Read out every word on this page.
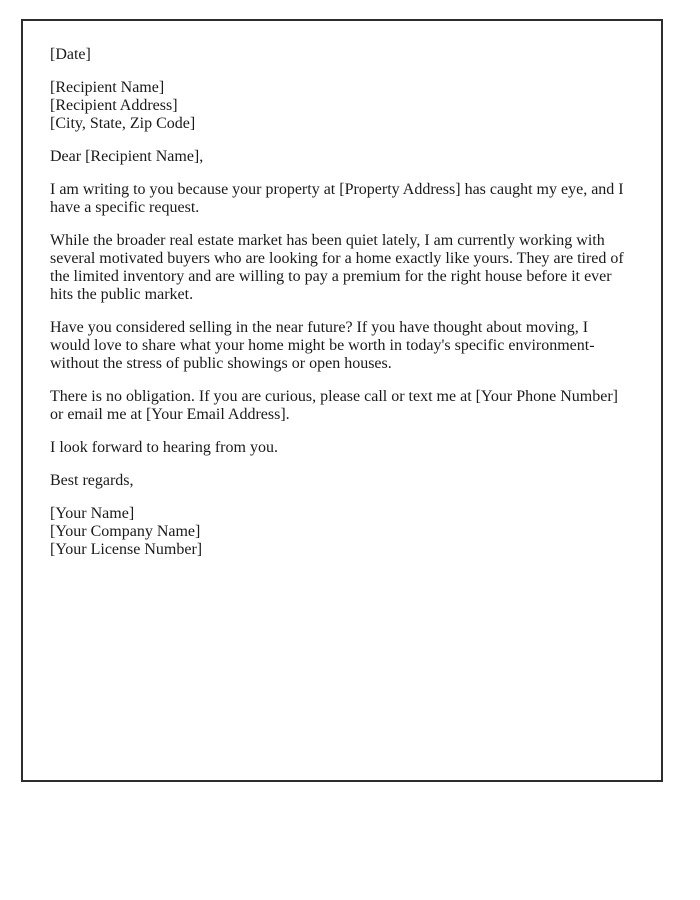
[Date]

[Recipient Name]
[Recipient Address]
[City, State, Zip Code]

Dear [Recipient Name],

I am writing to you because your property at [Property Address] has caught my eye, and I have a specific request.

While the broader real estate market has been quiet lately, I am currently working with several motivated buyers who are looking for a home exactly like yours. They are tired of the limited inventory and are willing to pay a premium for the right house before it ever hits the public market.

Have you considered selling in the near future? If you have thought about moving, I would love to share what your home might be worth in today's specific environment-without the stress of public showings or open houses.

There is no obligation. If you are curious, please call or text me at [Your Phone Number] or email me at [Your Email Address].

I look forward to hearing from you.

Best regards,

[Your Name]
[Your Company Name]
[Your License Number]
